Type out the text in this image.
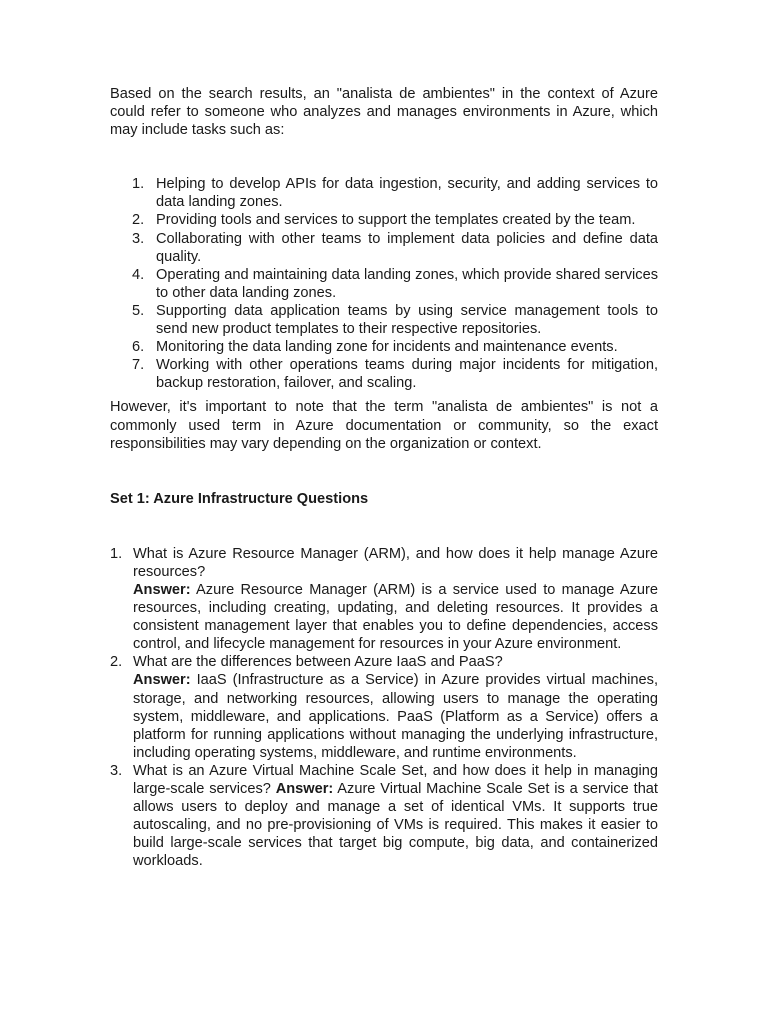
Based on the search results, an "analista de ambientes" in the context of Azure could refer to someone who analyzes and manages environments in Azure, which may include tasks such as:

1. Helping to develop APIs for data ingestion, security, and adding services to data landing zones.
2. Providing tools and services to support the templates created by the team.
3. Collaborating with other teams to implement data policies and define data quality.
4. Operating and maintaining data landing zones, which provide shared services to other data landing zones.
5. Supporting data application teams by using service management tools to send new product templates to their respective repositories.
6. Monitoring the data landing zone for incidents and maintenance events.
7. Working with other operations teams during major incidents for mitigation, backup restoration, failover, and scaling.

However, it's important to note that the term "analista de ambientes" is not a commonly used term in Azure documentation or community, so the exact responsibilities may vary depending on the organization or context.

Set 1: Azure Infrastructure Questions
1. What is Azure Resource Manager (ARM), and how does it help manage Azure resources?
Answer: Azure Resource Manager (ARM) is a service used to manage Azure resources, including creating, updating, and deleting resources. It provides a consistent management layer that enables you to define dependencies, access control, and lifecycle management for resources in your Azure environment.
2. What are the differences between Azure IaaS and PaaS?
Answer: IaaS (Infrastructure as a Service) in Azure provides virtual machines, storage, and networking resources, allowing users to manage the operating system, middleware, and applications. PaaS (Platform as a Service) offers a platform for running applications without managing the underlying infrastructure, including operating systems, middleware, and runtime environments.
3. What is an Azure Virtual Machine Scale Set, and how does it help in managing large-scale services? Answer: Azure Virtual Machine Scale Set is a service that allows users to deploy and manage a set of identical VMs. It supports true autoscaling, and no pre-provisioning of VMs is required. This makes it easier to build large-scale services that target big compute, big data, and containerized workloads.
